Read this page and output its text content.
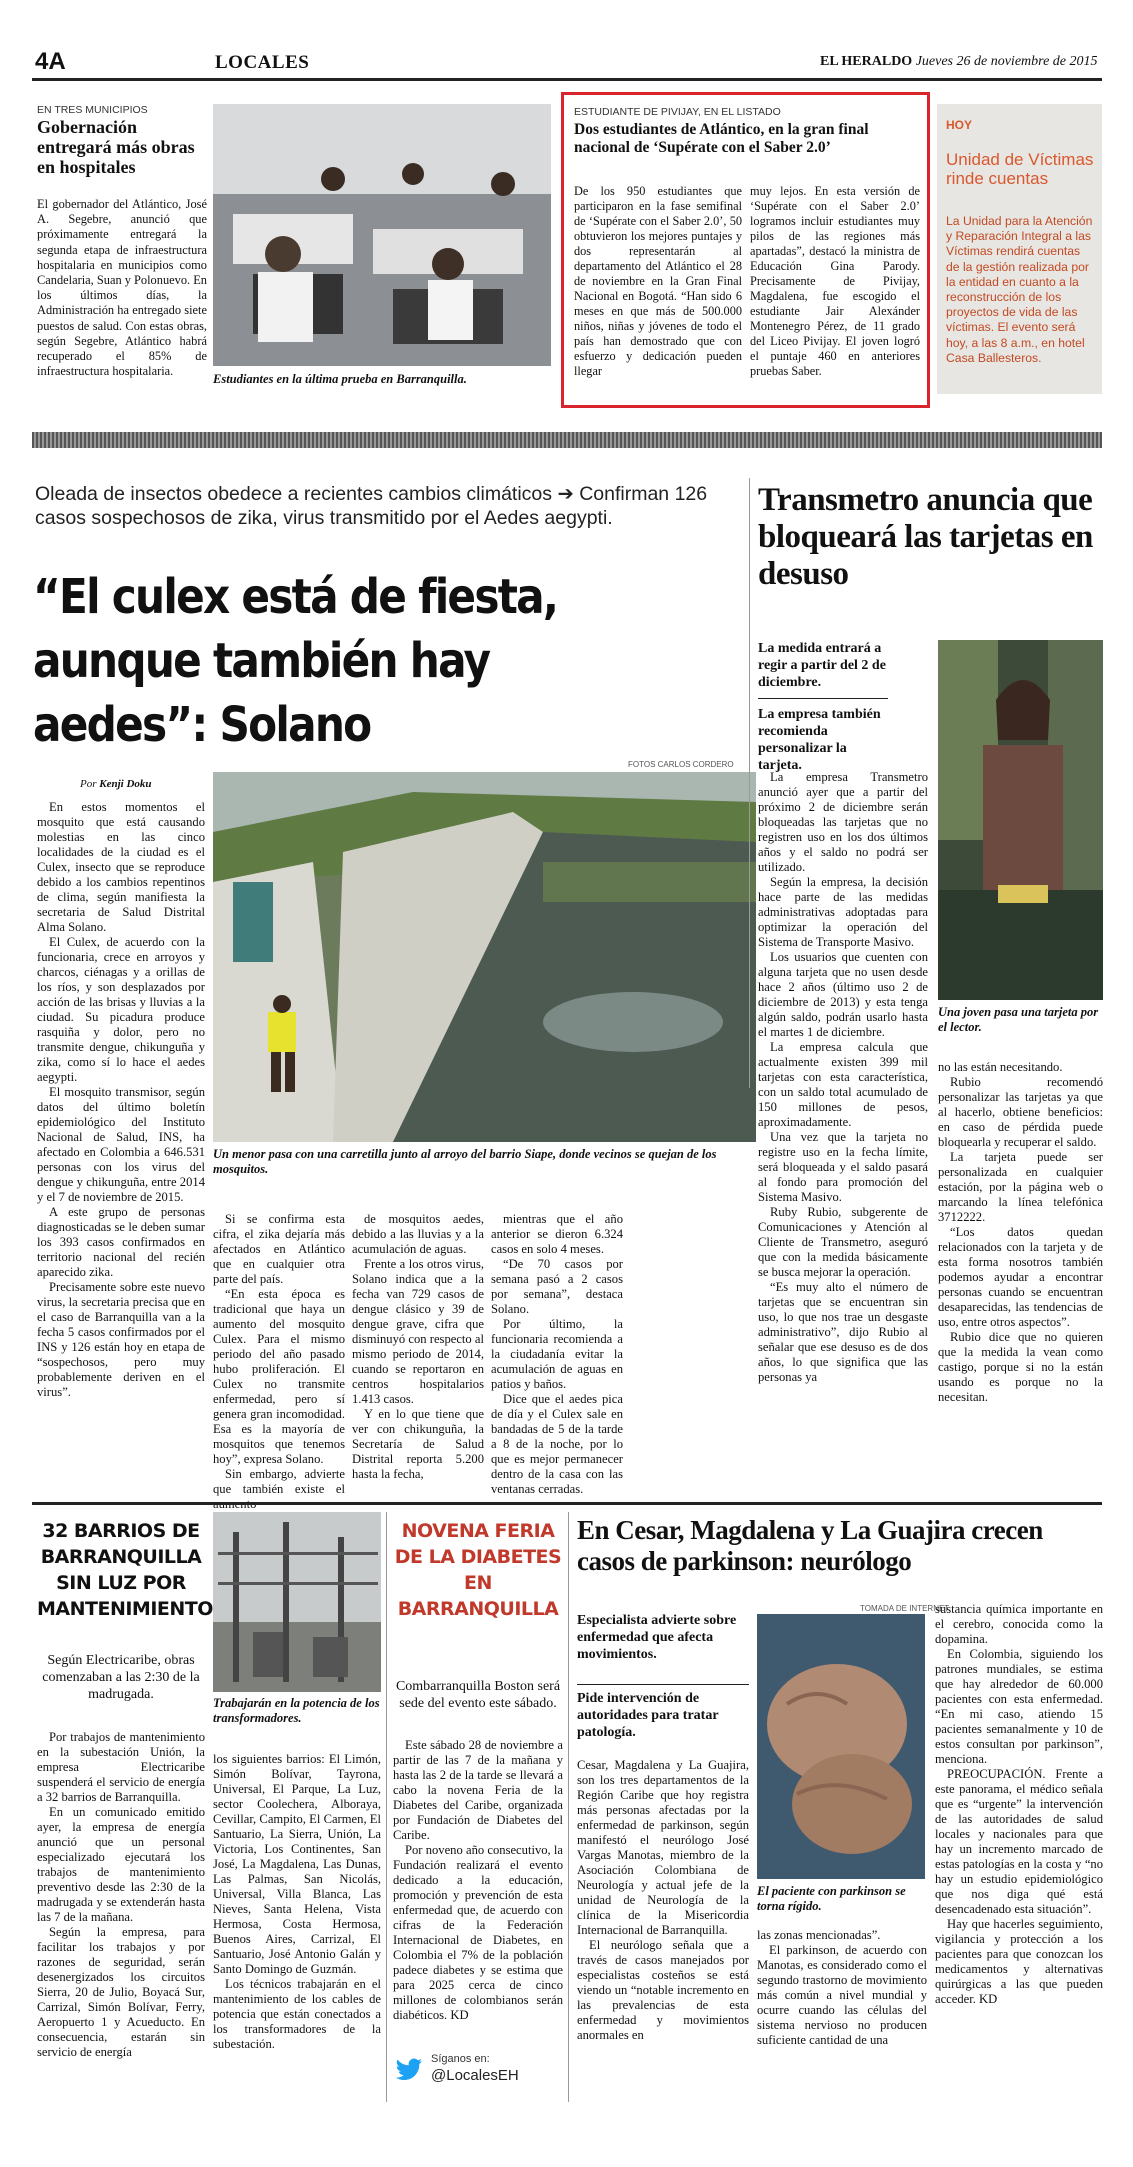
4A	LOCALES	EL HERALDO Jueves 26 de noviembre de 2015
EN TRES MUNICIPIOS
Gobernación entregará más obras en hospitales

El gobernador del Atlántico, José A. Segebre, anunció que próximamente entregará la segunda etapa de infraestructura hospitalaria en municipios como Candelaria, Suan y Polonuevo. En los últimos días, la Administración ha entregado siete puestos de salud. Con estas obras, según Segebre, Atlántico habrá recuperado el 85% de infraestructura hospitalaria.

Estudiantes en la última prueba en Barranquilla.
ESTUDIANTE DE PIVIJAY, EN EL LISTADO
Dos estudiantes de Atlántico, en la gran final nacional de ‘Supérate con el Saber 2.0’

De los 950 estudiantes que participaron en la fase semifinal de ‘Supérate con el Saber 2.0’, 50 obtuvieron los mejores puntajes y dos representarán al departamento del Atlántico el 28 de noviembre en la Gran Final Nacional en Bogotá. “Han sido 6 meses en que más de 500.000 niños, niñas y jóvenes de todo el país han demostrado que con esfuerzo y dedicación pueden llegar

muy lejos. En esta versión de ‘Supérate con el Saber 2.0’ logramos incluir estudiantes muy pilos de las regiones más apartadas”, destacó la ministra de Educación Gina Parody. Precisamente de Pivijay, Magdalena, fue escogido el estudiante Jair Alexánder Montenegro Pérez, de 11 grado del Liceo Pivijay. El joven logró el puntaje 460 en anteriores pruebas Saber.

HOY
Unidad de Víctimas rinde cuentas
La Unidad para la Atención y Reparación Integral a las Víctimas rendirá cuentas de la gestión realizada por la entidad en cuanto a la reconstrucción de los proyectos de vida de las víctimas. El evento será hoy, a las 8 a.m., en hotel Casa Ballesteros.
Oleada de insectos obedece a recientes cambios climáticos ➔ Confirman 126 casos sospechosos de zika, virus transmitido por el Aedes aegypti.
“El culex está de fiesta, aunque también hay aedes”: Solano
Por Kenji Doku
FOTOS CARLOS CORDERO
Un menor pasa con una carretilla junto al arroyo del barrio Siape, donde vecinos se quejan de los mosquitos.

En estos momentos el mosquito que está causando molestias en las cinco localidades de la ciudad es el Culex, insecto que se reproduce debido a los cambios repentinos de clima, según manifiesta la secretaria de Salud Distrital Alma Solano.

El Culex, de acuerdo con la funcionaria, crece en arroyos y charcos, ciénagas y a orillas de los ríos, y son desplazados por acción de las brisas y lluvias a la ciudad. Su picadura produce rasquiña y dolor, pero no transmite dengue, chikunguña y zika, como sí lo hace el aedes aegypti.

El mosquito transmisor, según datos del último boletín epidemiológico del Instituto Nacional de Salud, INS, ha afectado en Colombia a 646.531 personas con los virus del dengue y chikunguña, entre 2014 y el 7 de noviembre de 2015.

A este grupo de personas diagnosticadas se le deben sumar los 393 casos confirmados en territorio nacional del recién aparecido zika.

Precisamente sobre este nuevo virus, la secretaria precisa que en el caso de Barranquilla van a la fecha 5 casos confirmados por el INS y 126 están hoy en etapa de “sospechosos, pero muy probablemente deriven en el virus”.

Si se confirma esta cifra, el zika dejaría más afectados en Atlántico que en cualquier otra parte del país.

“En esta época es tradicional que haya un aumento del mosquito Culex. Para el mismo periodo del año pasado hubo proliferación. El Culex no transmite enfermedad, pero sí genera gran incomodidad. Esa es la mayoría de mosquitos que tenemos hoy”, expresa Solano.

Sin embargo, advierte que también existe el

de mosquitos aedes, debido a las lluvias y a la acumulación de aguas.

Frente a los otros virus, Solano indica que a la fecha van 729 casos de dengue clásico y 39 de dengue grave, cifra que disminuyó con respecto al mismo periodo de 2014, cuando se reportaron en centros hospitalarios 1.413 casos.

Y en lo que tiene que ver con chikunguña, la Secretaría de Salud Distrital reporta 5.200 hasta la fecha,

mientras que el año anterior se dieron 6.324 casos en solo 4 meses.

“De 70 casos por semana pasó a 2 casos por semana”, destaca Solano.

Por último, la funcionaria recomienda a la ciudadanía evitar la acumulación de aguas en patios y baños.

Dice que el aedes pica de día y el Culex sale en bandadas de 5 de la tarde a 8 de la noche, por lo que es mejor permanecer dentro de la casa con las ventanas cerradas.

Transmetro anuncia que bloqueará las tarjetas en desuso
La medida entrará a regir a partir del 2 de diciembre.
La empresa también recomienda personalizar la tarjeta.
Una joven pasa una tarjeta por el lector.

La empresa Transmetro anunció ayer que a partir del próximo 2 de diciembre serán bloqueadas las tarjetas que no registren uso en los dos últimos años y el saldo no podrá ser utilizado.

Según la empresa, la decisión hace parte de las medidas administrativas adoptadas para optimizar la operación del Sistema de Transporte Masivo.

Los usuarios que cuenten con alguna tarjeta que no usen desde hace 2 años (último uso 2 de diciembre de 2013) y esta tenga algún saldo, podrán usarlo hasta el martes 1 de diciembre.

La empresa calcula que actualmente existen 399 mil tarjetas con esta característica, con un saldo total acumulado de 150 millones de pesos, aproximadamente.

Una vez que la tarjeta no registre uso en la fecha límite, será bloqueada y el saldo pasará al fondo para promoción del Sistema Masivo.

Ruby Rubio, subgerente de Comunicaciones y Atención al Cliente de Transmetro, aseguró que con la medida básicamente se busca mejorar la operación.

“Es muy alto el número de tarjetas que se encuentran sin uso, lo que nos trae un desgaste administrativo”, dijo Rubio al señalar que ese desuso es de dos años, lo que significa que las personas ya

no las están necesitando.

Rubio recomendó personalizar las tarjetas ya que al hacerlo, obtiene beneficios: en caso de pérdida puede bloquearla y recuperar el saldo.

La tarjeta puede ser personalizada en cualquier estación, por la página web o marcando la línea telefónica 3712222.

“Los datos quedan relacionados con la tarjeta y de esta forma nosotros también podemos ayudar a encontrar personas cuando se encuentran desaparecidas, las tendencias de uso, entre otros aspectos”.

Rubio dice que no quieren que la medida la vean como castigo, porque si no la están usando es porque no la necesitan.

32 BARRIOS DE BARRANQUILLA SIN LUZ POR MANTENIMIENTO
Según Electricaribe, obras comenzaban a las 2:30 de la madrugada.
Trabajarán en la potencia de los transformadores.

Por trabajos de mantenimiento en la subestación Unión, la empresa Electricaribe suspenderá el servicio de energía a 32 barrios de Barranquilla.

En un comunicado emitido ayer, la empresa de energía anunció que un personal especializado ejecutará los trabajos de mantenimiento preventivo desde las 2:30 de la madrugada y se extenderán hasta las 7 de la mañana.

Según la empresa, para facilitar los trabajos y por razones de seguridad, serán desenergizados los circuitos Sierra, 20 de Julio, Boyacá Sur, Carrizal, Simón Bolívar, Ferry, Aeropuerto 1 y Acueducto. En consecuencia, estarán sin servicio de energía

los siguientes barrios: El Limón, Simón Bolívar, Tayrona, Universal, El Parque, La Luz, sector Coolechera, Alboraya, Cevillar, Campito, El Carmen, El Santuario, La Sierra, Unión, La Victoria, Los Continentes, San José, La Magdalena, Las Dunas, Las Palmas, San Nicolás, Universal, Villa Blanca, Las Nieves, Santa Helena, Vista Hermosa, Costa Hermosa, Buenos Aires, Carrizal, El Santuario, José Antonio Galán y Santo Domingo de Guzmán.

Los técnicos trabajarán en el mantenimiento de los cables de potencia que están conectados a los transformadores de la subestación.

NOVENA FERIA DE LA DIABETES EN BARRANQUILLA
Combarranquilla Boston será sede del evento este sábado.

Este sábado 28 de noviembre a partir de las 7 de la mañana y hasta las 2 de la tarde se llevará a cabo la novena Feria de la Diabetes del Caribe, organizada por Fundación de Diabetes del Caribe.

Por noveno año consecutivo, la Fundación realizará el evento dedicado a la educación, promoción y prevención de esta enfermedad que, de acuerdo con cifras de la Federación Internacional de Diabetes, en Colombia el 7% de la población padece diabetes y se estima que para 2025 cerca de cinco millones de colombianos serán diabéticos. KD

Síganos en:
@LocalesEH
En Cesar, Magdalena y La Guajira crecen casos de parkinson: neurólogo
Especialista advierte sobre enfermedad que afecta movimientos.
Pide intervención de autoridades para tratar patología.
TOMADA DE INTERNET
El paciente con parkinson se torna rígido.

Cesar, Magdalena y La Guajira, son los tres departamentos de la Región Caribe que hoy registra más personas afectadas por la enfermedad de parkinson, según manifestó el neurólogo José Vargas Manotas, miembro de la Asociación Colombiana de Neurología y actual jefe de la unidad de Neurología de la clínica de la Misericordia Internacional de Barranquilla.

El neurólogo señala que a través de casos manejados por especialistas costeños se está viendo un “notable incremento en las prevalencias de esta enfermedad y movimientos anormales en

las zonas mencionadas”.

El parkinson, de acuerdo con Manotas, es considerado como el segundo trastorno de movimiento más común a nivel mundial y ocurre cuando las células del sistema nervioso no producen suficiente cantidad de una

sustancia química importante en el cerebro, conocida como la dopamina.

En Colombia, siguiendo los patrones mundiales, se estima que hay alrededor de 60.000 pacientes con esta enfermedad. “En mi caso, atiendo 15 pacientes semanalmente y 10 de estos consultan por parkinson”, menciona.

PREOCUPACIÓN. Frente a este panorama, el médico señala que es “urgente” la intervención de las autoridades de salud locales y nacionales para que hay un incremento marcado de estas patologías en la costa y “no hay un estudio epidemiológico que nos diga qué está desencadenado esta situación”.

Hay que hacerles seguimiento, vigilancia y protección a los pacientes para que conozcan los medicamentos y alternativas quirúrgicas a las que pueden acceder. KD
